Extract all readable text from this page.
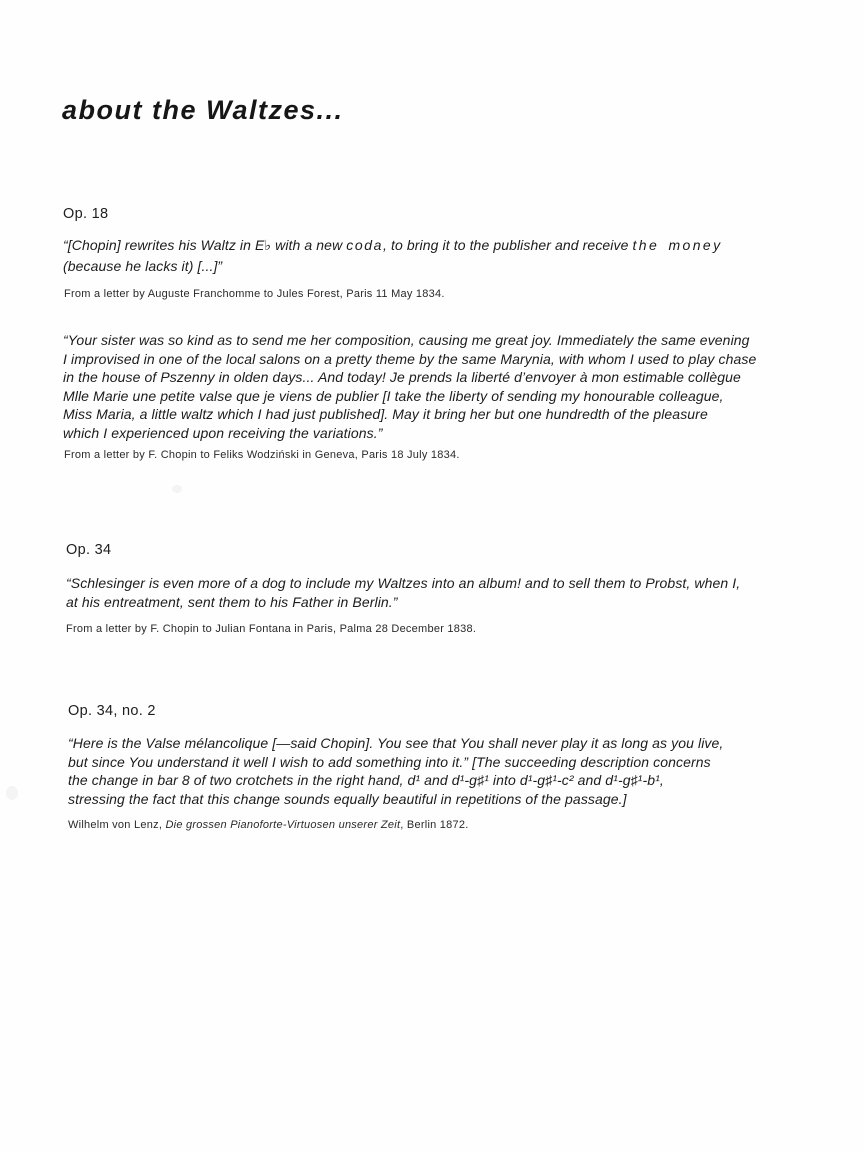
about the Waltzes...
Op. 18
“[Chopin] rewrites his Waltz in E♭ with a new coda, to bring it to the publisher and receive the money
(because he lacks it) [...]”
From a letter by Auguste Franchomme to Jules Forest, Paris 11 May 1834.
“Your sister was so kind as to send me her composition, causing me great joy. Immediately the same evening
I improvised in one of the local salons on a pretty theme by the same Marynia, with whom I used to play chase
in the house of Pszenny in olden days... And today! Je prends la liberté d’envoyer à mon estimable collègue
Mlle Marie une petite valse que je viens de publier [I take the liberty of sending my honourable colleague,
Miss Maria, a little waltz which I had just published]. May it bring her but one hundredth of the pleasure
which I experienced upon receiving the variations.”
From a letter by F. Chopin to Feliks Wodziński in Geneva, Paris 18 July 1834.
Op. 34
“Schlesinger is even more of a dog to include my Waltzes into an album! and to sell them to Probst, when I,
at his entreatment, sent them to his Father in Berlin.”
From a letter by F. Chopin to Julian Fontana in Paris, Palma 28 December 1838.
Op. 34, no. 2
“Here is the Valse mélancolique [—said Chopin]. You see that You shall never play it as long as you live,
but since You understand it well I wish to add something into it.” [The succeeding description concerns
the change in bar 8 of two crotchets in the right hand, d¹ and d¹-g♯¹ into d¹-g♯¹-c² and d¹-g♯¹-b¹,
stressing the fact that this change sounds equally beautiful in repetitions of the passage.]
Wilhelm von Lenz, Die grossen Pianoforte-Virtuosen unserer Zeit, Berlin 1872.
